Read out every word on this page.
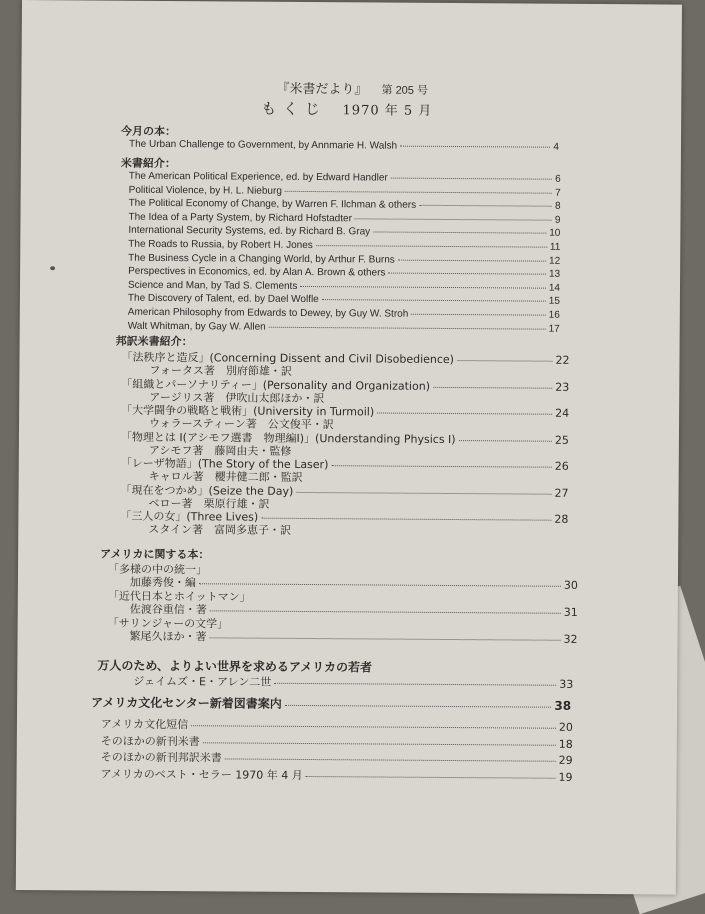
『米書だより』 第 205 号
も く じ 1970 年 5 月
今月の本：
The Urban Challenge to Government, by Annmarie H. Walsh	4
米書紹介：
The American Political Experience, ed. by Edward Handler	6
Political Violence, by H. L. Nieburg	7
The Political Economy of Change, by Warren F. Ilchman & others	8
The Idea of a Party System, by Richard Hofstadter	9
International Security Systems, ed. by Richard B. Gray	10
The Roads to Russia, by Robert H. Jones	11
The Business Cycle in a Changing World, by Arthur F. Burns	12
Perspectives in Economics, ed. by Alan A. Brown & others	13
Science and Man, by Tad S. Clements	14
The Discovery of Talent, ed. by Dael Wolfle	15
American Philosophy from Edwards to Dewey, by Guy W. Stroh	16
Walt Whitman, by Gay W. Allen	17
邦訳米書紹介：
「法秩序と造反」(Concerning Dissent and Civil Disobedience)	22
フォータス著　別府節雄・訳
「組織とパーソナリティー」(Personality and Organization)	23
アージリス著　伊吹山太郎ほか・訳
「大学闘争の戦略と戦術」(University in Turmoil)	24
ウォラースティーン著　公文俊平・訳
「物理とは Ⅰ(アシモフ選書　物理編Ⅰ)」(Understanding Physics I)	25
アシモフ著　藤岡由夫・監修
「レーザ物語」(The Story of the Laser)	26
キャロル著　櫻井健二郎・監訳
「現在をつかめ」(Seize the Day)	27
ベロー著　栗原行雄・訳
「三人の女」(Three Lives)	28
スタイン著　富岡多恵子・訳
アメリカに関する本：
「多様の中の統一」
加藤秀俊・編	30
「近代日本とホイットマン」
佐渡谷重信・著	31
「サリンジャーの文学」
繁尾久ほか・著	32
万人のため、よりよい世界を求めるアメリカの若者
ジェイムズ・E・アレン二世	33
アメリカ文化センター新着図書案内	38
アメリカ文化短信	20
そのほかの新刊米書	18
そのほかの新刊邦訳米書	29
アメリカのベスト・セラー 1970 年 4 月	19
